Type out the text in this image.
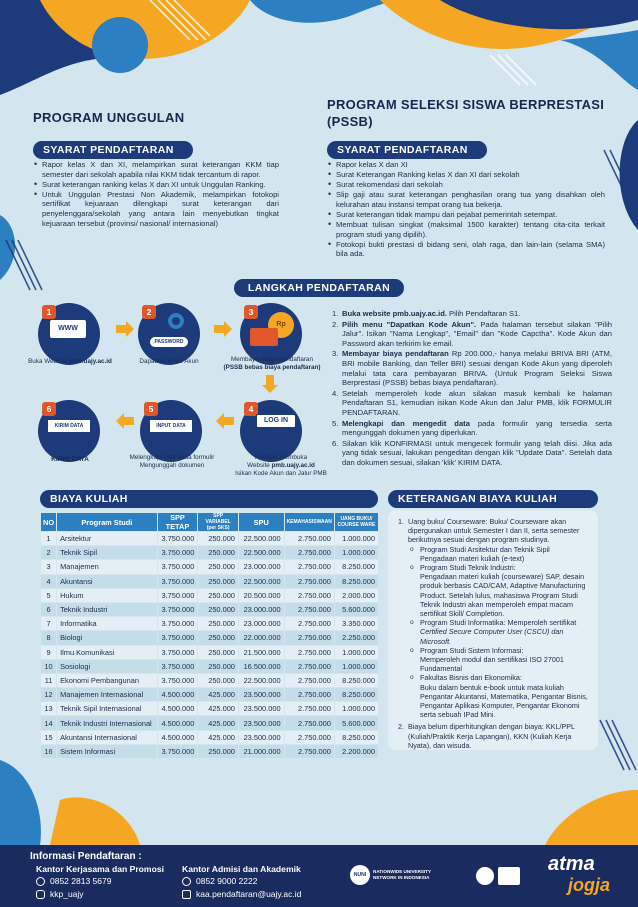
PROGRAM UNGGULAN
SYARAT PENDAFTARAN
• Rapor kelas X dan XI, melampirkan surat keterangan KKM tiap semester dari sekolah apabila nilai KKM tidak tercantum di rapor.
• Surat keterangan ranking kelas X dan XI untuk Unggulan Ranking.
• Untuk Unggulan Prestasi Non Akademik, melampirkan fotokopi sertifikat kejuaraan dilengkapi surat keterangan dari penyelenggara/sekolah yang antara lain menyebutkan tingkat kejuaraan tersebut (provinsi/ nasional/ internasional)
PROGRAM SELEKSI SISWA BERPRESTASI (PSSB)
SYARAT PENDAFTARAN
• Rapor kelas X dan XI
• Surat Keterangan Ranking kelas X dan XI dari sekolah
• Surat rekomendasi dari sekolah
• Slip gaji atau surat keterangan penghasilan orang tua yang disahkan oleh kelurahan atau instansi tempat orang tua bekerja.
• Surat keterangan tidak mampu dari pejabat pemerintah setempat.
• Membuat tulisan singkat (maksimal 1500 karakter) tentang cita-cita terkait program studi yang dipilih).
• Fotokopi bukti prestasi di bidang seni, olah raga, dan lain-lain (selama SMA) bila ada.
LANGKAH PENDAFTARAN
1
WWW
2
PASSWORD
3
Rp
Buka Website pmb.uajy.ac.id	Dapatkan Kode Akun	Membayar biaya pendaftaran
(PSSB bebas biaya pendaftaran)
6
KIRIM DATA
5
INPUT DATA
4
LOG IN
KIRIM DATA	Melengkapi data pada formulir
Mengunggah dokumen
Kembali membuka
Website pmb.uajy.ac.id
Isikan Kode Akun dan Jalur PMB
1. Buka website pmb.uajy.ac.id. Pilih Pendaftaran S1.
2. Pilih menu "Dapatkan Kode Akun". Pada halaman tersebut silakan "Pilih Jalur". Isikan "Nama Lengkap", "Email" dan "Kode Capctha". Kode Akun dan Password akan terkirim ke email.
3. Membayar biaya pendaftaran Rp 200.000,- hanya melalui BRIVA BRI (ATM, BRI mobile Banking, dan Teller BRI) sesuai dengan Kode Akun yang diperoleh melalui tata cara pembayaran BRIVA. (Untuk Program Seleksi Siswa Berprestasi (PSSB) bebas biaya pendaftaran).
4. Setelah memperoleh kode akun silakan masuk kembali ke halaman Pendaftaran S1, kemudian isikan Kode Akun dan Jalur PMB, klik FORMULIR PENDAFTARAN.
5. Melengkapi dan mengedit data pada formulir yang tersedia serta mengunggah dokumen yang diperlukan.
6. Silakan klik KONFIRMASI untuk mengecek formulir yang telah diisi. Jika ada yang tidak sesuai, lakukan pengeditan dengan klik "Update Data". Setelah data dan dokumen sesuai, silakan 'klik' KIRIM DATA.
BIAYA KULIAH
NO	Program Studi	SPP TETAP	SPP VARIABEL (per SKS)	SPU	KEMAHASISWAAN	UANG BUKU/ COURSE WARE
1	Arsitektur	3.750.000	250.000	22.500.000	2.750.000	1.000.000
2	Teknik Sipil	3.750.000	250.000	22.500.000	2.750.000	1.000.000
3	Manajemen	3.750.000	250.000	23.000.000	2.750.000	8.250.000
4	Akuntansi	3.750.000	250.000	22.500.000	2.750.000	8.250.000
5	Hukum	3.750.000	250.000	20.500.000	2.750.000	2.000.000
6	Teknik Industri	3.750.000	250.000	23.000.000	2.750.000	5.600.000
7	Informatika	3.750.000	250.000	23.000.000	2.750.000	3.350.000
8	Biologi	3.750.000	250.000	22.000.000	2.750.000	2.250.000
9	Ilmu Komunikasi	3.750.000	250.000	21.500.000	2.750.000	1.000.000
10	Sosiologi	3.750.000	250.000	16.500.000	2.750.000	1.000.000
11	Ekonomi Pembangunan	3.750.000	250.000	22.500.000	2.750.000	8.250.000
12	Manajemen Internasional	4.500.000	425.000	23.500.000	2.750.000	8.250.000
13	Teknik Sipil Internasional	4.500.000	425.000	23.500.000	2.750.000	1.000.000
14	Teknik Industri Internasional	4.500.000	425.000	23.500.000	2.750.000	5.600.000
15	Akuntansi Internasional	4.500.000	425.000	23.500.000	2.750.000	8.250.000
16	Sistem Informasi	3.750.000	250.000	21.000.000	2.750.000	2.200.000
KETERANGAN BIAYA KULIAH
1. Uang buku/ Courseware: Buku/ Courseware akan dipergunakan untuk Semester I dan II, serta semester berikutnya sesuai dengan program studinya.
o Program Studi Arsitektur dan Teknik Sipil
Pengadaan materi kuliah (e-text)
o Program Studi Teknik Industri:
Pengadaan materi kuliah (courseware) SAP, desain produk berbasis CAD/CAM, Adaptive Manufacturing Product. Setelah lulus, mahasiswa Program Studi Teknik Industri akan memperoleh empat macam sertifikat Skill/ Completion.
o Program Studi Informatika: Memperoleh sertifikat
Certified Secure Computer User (CSCU) dan Microsoft.
o Program Studi Sistem Informasi:
Memperoleh modul dan sertifikasi ISO 27001 Fundamental
o Fakultas Bisnis dan Ekonomika:
Buku dalam bentuk e-book untuk mata kuliah Pengantar Akuntansi, Matematika, Pengantar Bisnis, Pengantar Aplikasi Komputer, Pengantar Ekonomi serta sebuah IPad Mini.
2. Biaya belum diperhitungkan dengan biaya: KKL/PPL (Kuliah/Praktik Kerja Lapangan), KKN (Kuliah Kerja Nyata), dan wisuda.
Informasi Pendaftaran :
Kantor Kerjasama dan Promosi
0852 2813 5679
kkp_uajy
Kantor Admisi dan Akademik
0852 9000 2222
kaa.pendaftaran@uajy.ac.id
NUNI
NATIONWIDE UNIVERSITY NETWORK IN INDONESIA
atma
jogja
